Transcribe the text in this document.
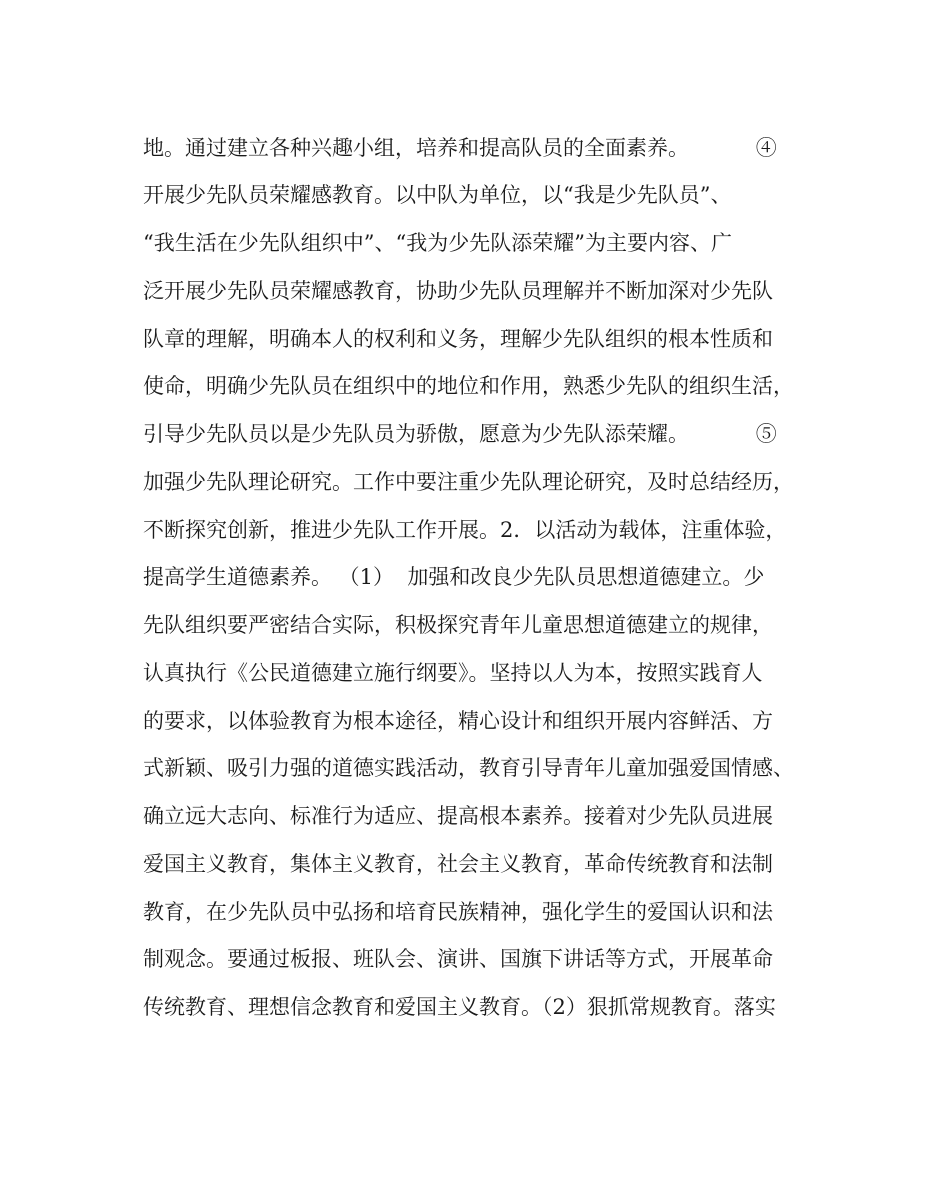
地。通过建立各种兴趣小组，培养和提高队员的全面素养。          ④
开展少先队员荣耀感教育。以中队为单位，以“我是少先队员”、
“我生活在少先队组织中”、“我为少先队添荣耀”为主要内容、广
泛开展少先队员荣耀感教育，协助少先队员理解并不断加深对少先队
队章的理解，明确本人的权利和义务，理解少先队组织的根本性质和
使命，明确少先队员在组织中的地位和作用，熟悉少先队的组织生活，
引导少先队员以是少先队员为骄傲，愿意为少先队添荣耀。          ⑤
加强少先队理论研究。工作中要注重少先队理论研究，及时总结经历，
不断探究创新，推进少先队工作开展。2．以活动为载体，注重体验，
提高学生道德素养。 （1）  加强和改良少先队员思想道德建立。少
先队组织要严密结合实际，积极探究青年儿童思想道德建立的规律，
认真执行《公民道德建立施行纲要》。坚持以人为本，按照实践育人
的要求，以体验教育为根本途径，精心设计和组织开展内容鲜活、方
式新颖、吸引力强的道德实践活动，教育引导青年儿童加强爱国情感、
确立远大志向、标准行为适应、提高根本素养。接着对少先队员进展
爱国主义教育，集体主义教育，社会主义教育，革命传统教育和法制
教育，在少先队员中弘扬和培育民族精神，强化学生的爱国认识和法
制观念。要通过板报、班队会、演讲、国旗下讲话等方式，开展革命
传统教育、理想信念教育和爱国主义教育。（2）狠抓常规教育。落实
